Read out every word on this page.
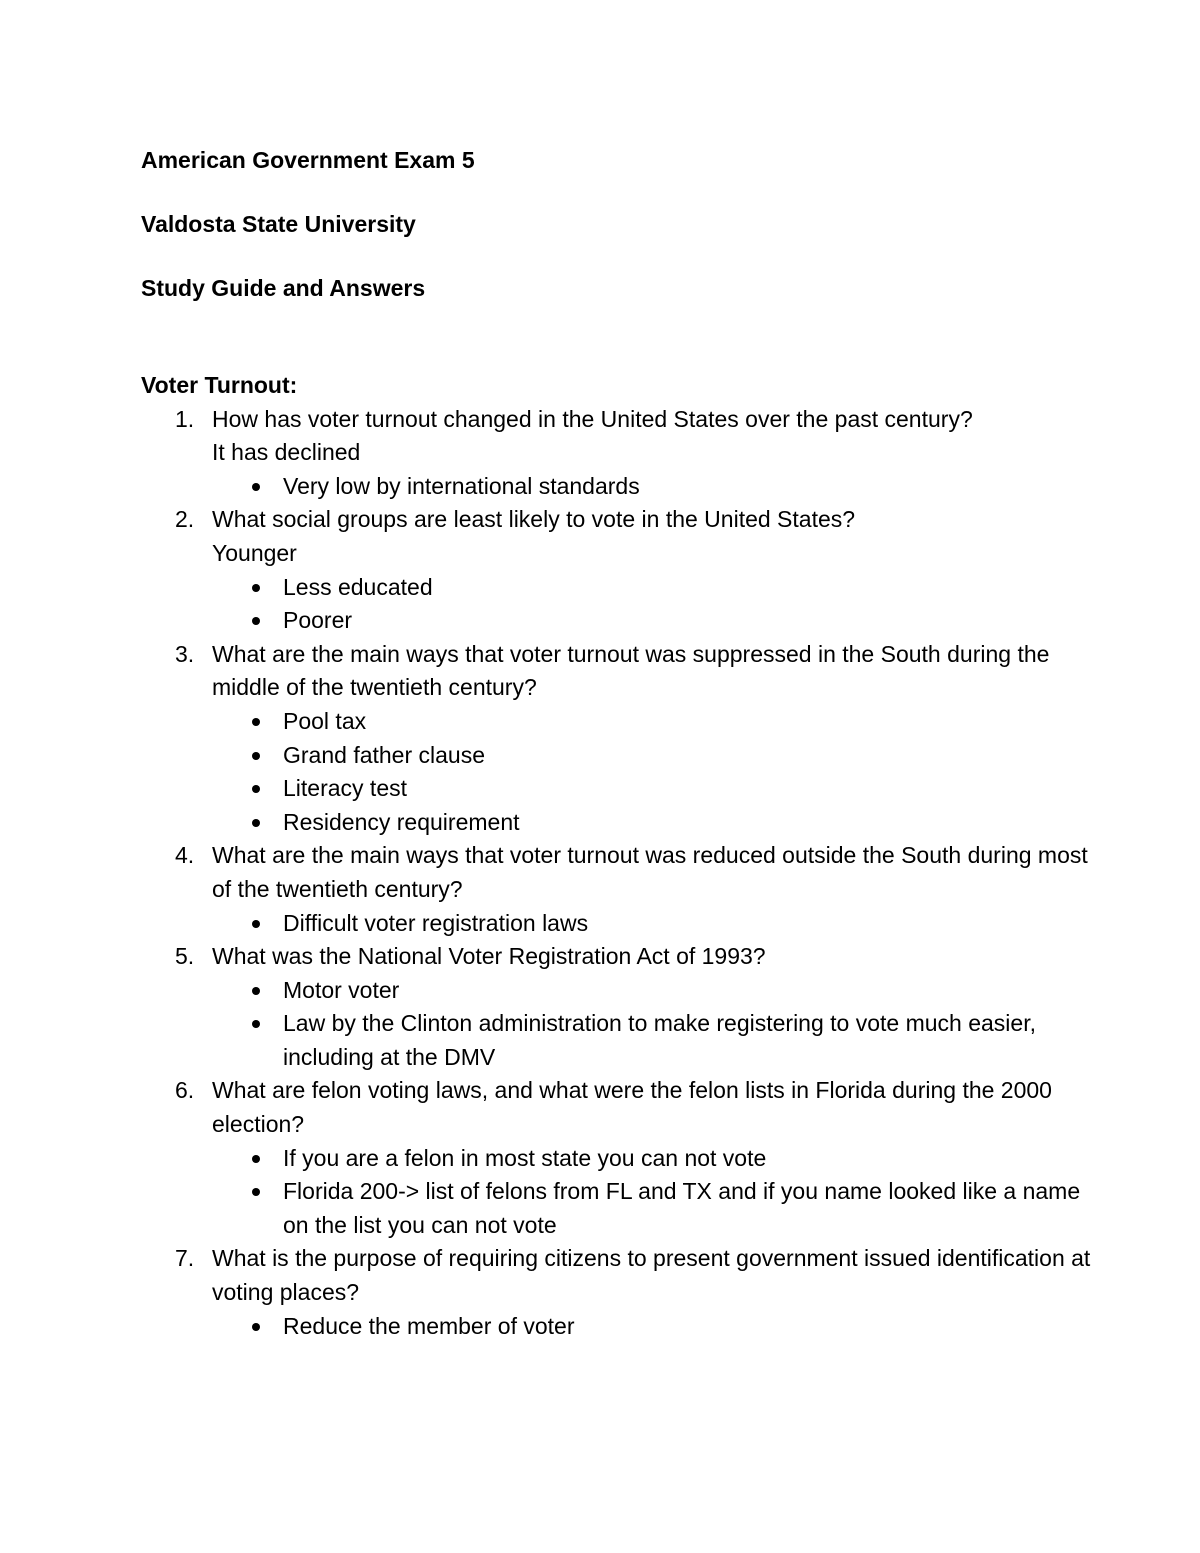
American Government Exam 5

Valdosta State University

Study Guide and Answers

Voter Turnout:

1. How has voter turnout changed in the United States over the past century?
It has declined
Very low by international standards
2. What social groups are least likely to vote in the United States?
Younger
Less educated
Poorer
3. What are the main ways that voter turnout was suppressed in the South during the middle of the twentieth century?
Pool tax
Grand father clause
Literacy test
Residency requirement
4. What are the main ways that voter turnout was reduced outside the South during most of the twentieth century?
Difficult voter registration laws
5. What was the National Voter Registration Act of 1993?
Motor voter
Law by the Clinton administration to make registering to vote much easier, including at the DMV
6. What are felon voting laws, and what were the felon lists in Florida during the 2000 election?
If you are a felon in most state you can not vote
Florida 200-> list of felons from FL and TX and if you name looked like a name on the list you can not vote
7. What is the purpose of requiring citizens to present government issued identification at voting places?
Reduce the member of voter
